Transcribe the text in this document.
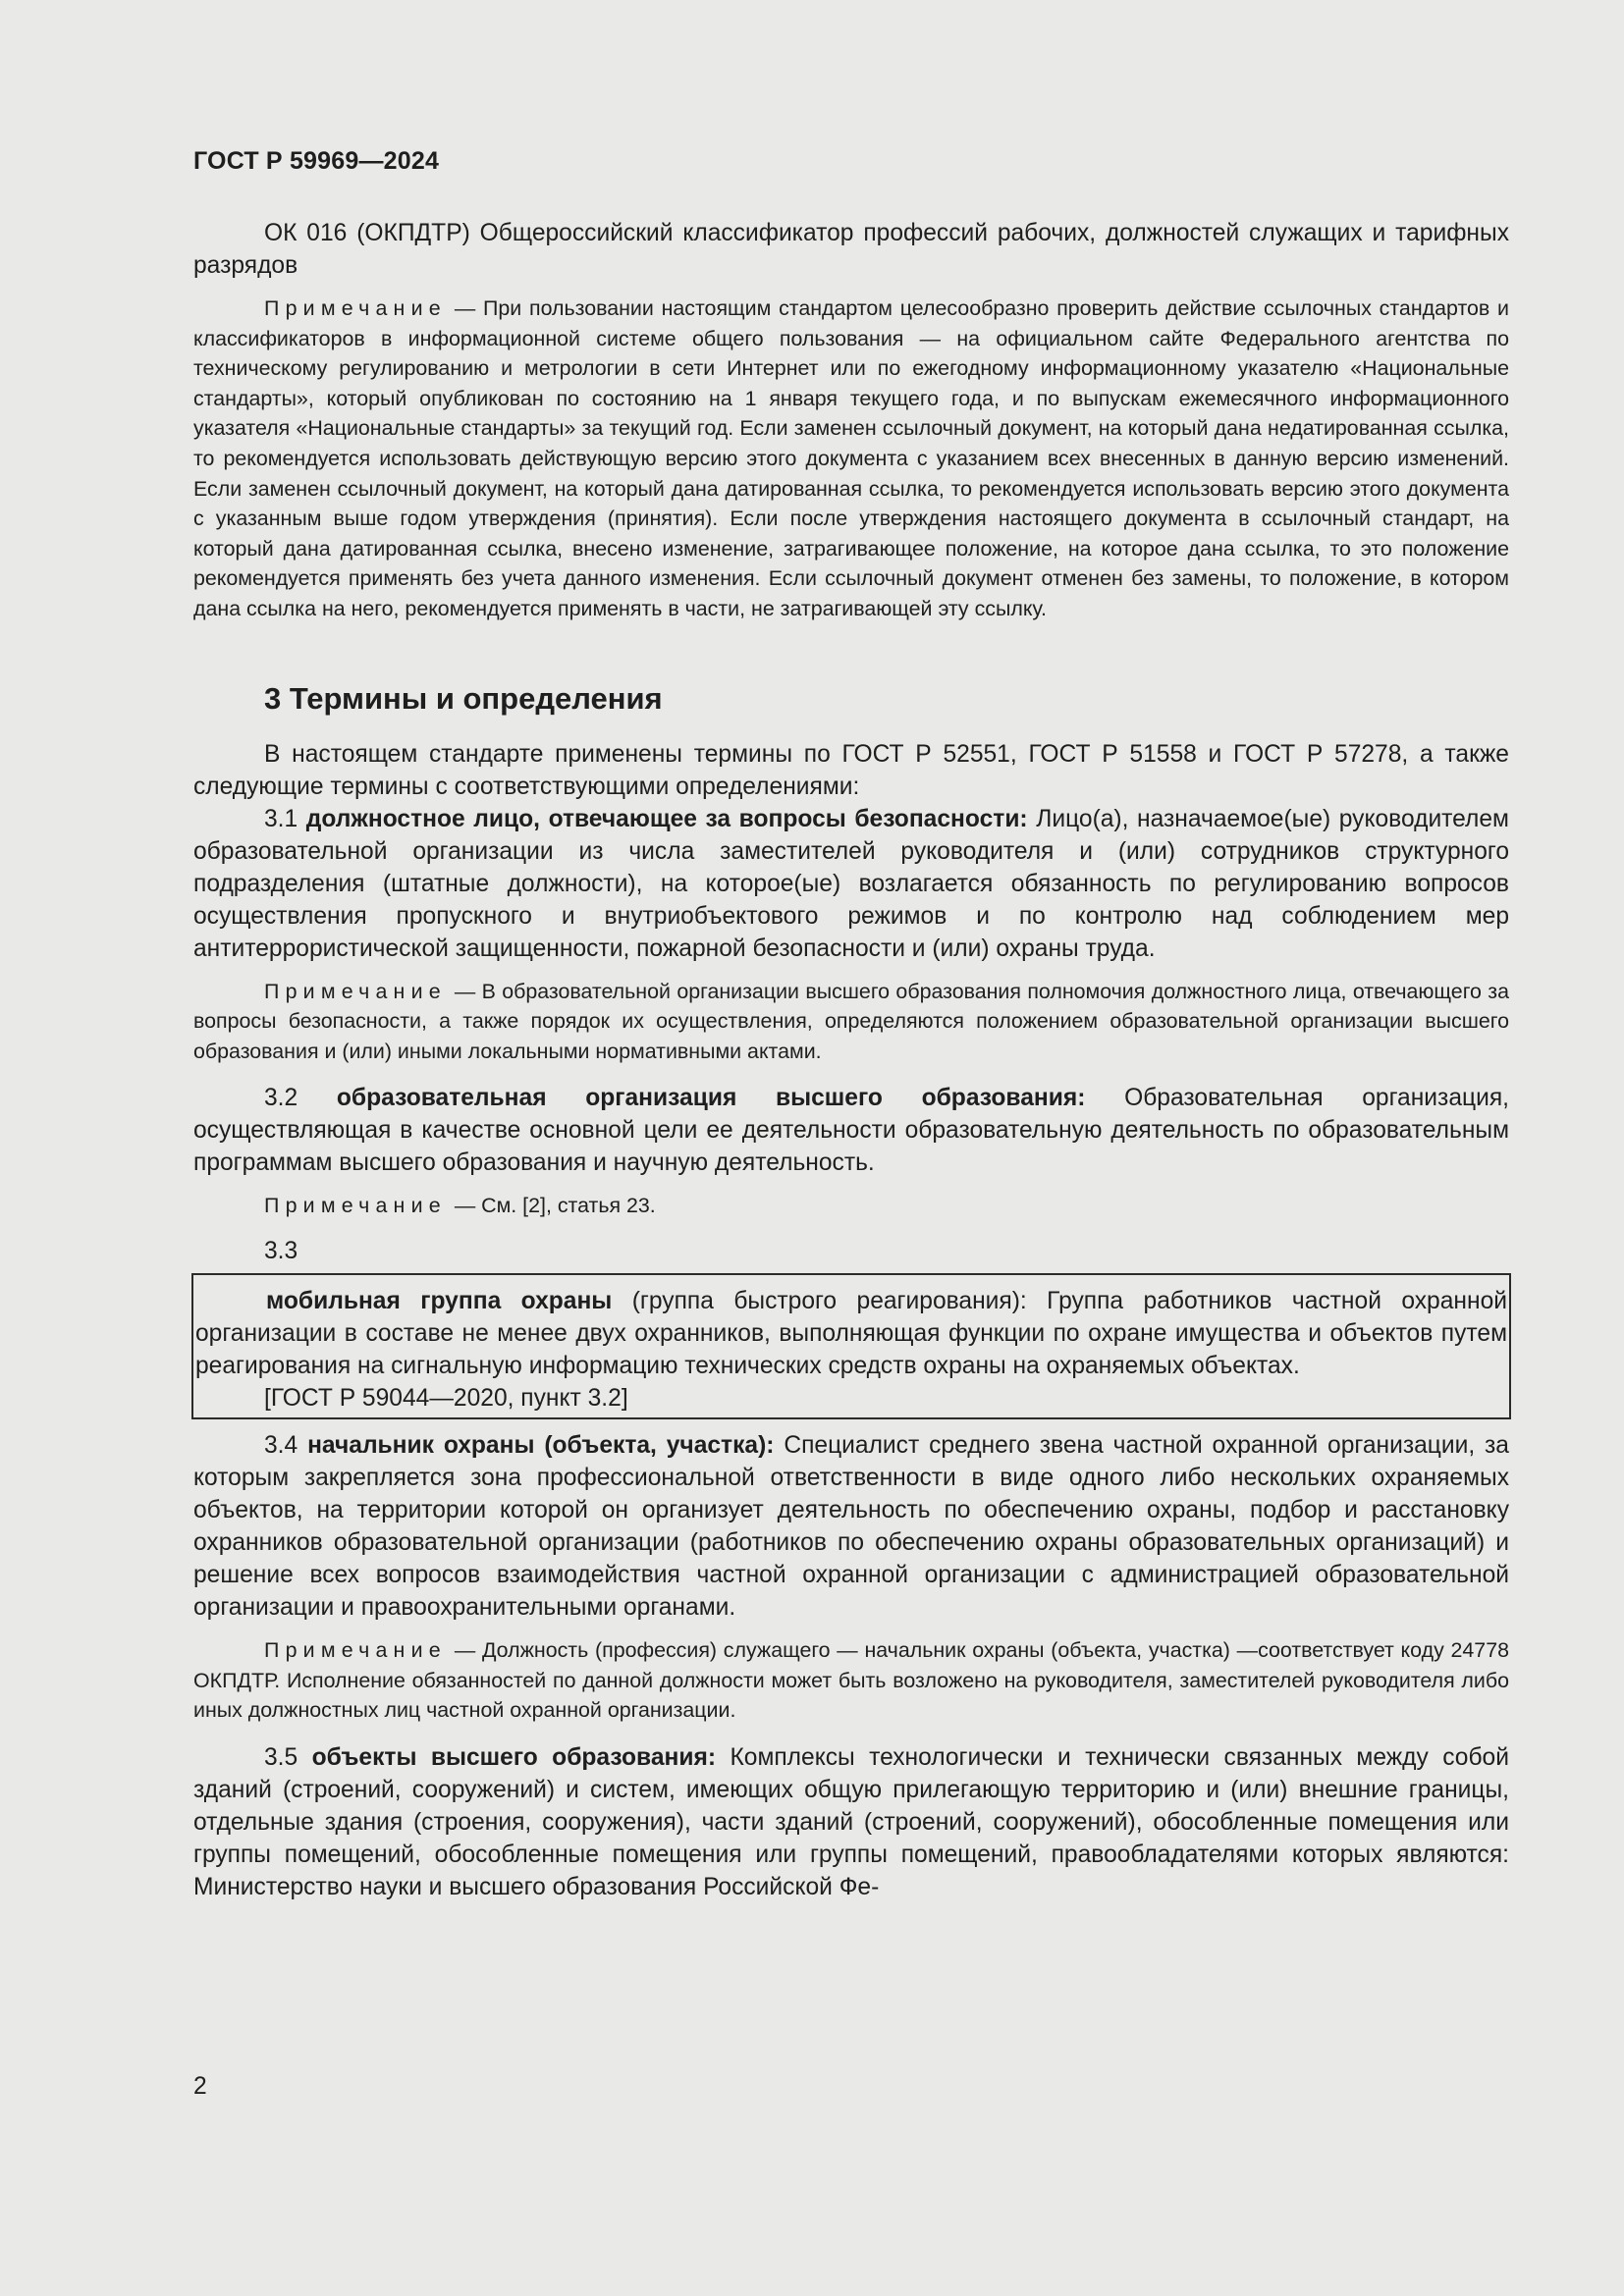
ГОСТ Р 59969—2024

ОК 016 (ОКПДТР) Общероссийский классификатор профессий рабочих, должностей служащих и тарифных разрядов

Примечание — При пользовании настоящим стандартом целесообразно проверить действие ссылочных стандартов и классификаторов в информационной системе общего пользования — на официальном сайте Федерального агентства по техническому регулированию и метрологии в сети Интернет или по ежегодному информационному указателю «Национальные стандарты», который опубликован по состоянию на 1 января текущего года, и по выпускам ежемесячного информационного указателя «Национальные стандарты» за текущий год. Если заменен ссылочный документ, на который дана недатированная ссылка, то рекомендуется использовать действующую версию этого документа с указанием всех внесенных в данную версию изменений. Если заменен ссылочный документ, на который дана датированная ссылка, то рекомендуется использовать версию этого документа с указанным выше годом утверждения (принятия). Если после утверждения настоящего документа в ссылочный стандарт, на который дана датированная ссылка, внесено изменение, затрагивающее положение, на которое дана ссылка, то это положение рекомендуется применять без учета данного изменения. Если ссылочный документ отменен без замены, то положение, в котором дана ссылка на него, рекомендуется применять в части, не затрагивающей эту ссылку.

3 Термины и определения

В настоящем стандарте применены термины по ГОСТ Р 52551, ГОСТ Р 51558 и ГОСТ Р 57278, а также следующие термины с соответствующими определениями:

3.1 должностное лицо, отвечающее за вопросы безопасности: Лицо(а), назначаемое(ые) руководителем образовательной организации из числа заместителей руководителя и (или) сотрудников структурного подразделения (штатные должности), на которое(ые) возлагается обязанность по регулированию вопросов осуществления пропускного и внутриобъектового режимов и по контролю над соблюдением мер антитеррористической защищенности, пожарной безопасности и (или) охраны труда.

Примечание — В образовательной организации высшего образования полномочия должностного лица, отвечающего за вопросы безопасности, а также порядок их осуществления, определяются положением образовательной организации высшего образования и (или) иными локальными нормативными актами.

3.2 образовательная организация высшего образования: Образовательная организация, осуществляющая в качестве основной цели ее деятельности образовательную деятельность по образовательным программам высшего образования и научную деятельность.

Примечание — См. [2], статья 23.

3.3

мобильная группа охраны (группа быстрого реагирования): Группа работников частной охранной организации в составе не менее двух охранников, выполняющая функции по охране имущества и объектов путем реагирования на сигнальную информацию технических средств охраны на охраняемых объектах.

[ГОСТ Р 59044—2020, пункт 3.2]

3.4 начальник охраны (объекта, участка): Специалист среднего звена частной охранной организации, за которым закрепляется зона профессиональной ответственности в виде одного либо нескольких охраняемых объектов, на территории которой он организует деятельность по обеспечению охраны, подбор и расстановку охранников образовательной организации (работников по обеспечению охраны образовательных организаций) и решение всех вопросов взаимодействия частной охранной организации с администрацией образовательной организации и правоохранительными органами.

Примечание — Должность (профессия) служащего — начальник охраны (объекта, участка) —соответствует коду 24778 ОКПДТР. Исполнение обязанностей по данной должности может быть возложено на руководителя, заместителей руководителя либо иных должностных лиц частной охранной организации.

3.5 объекты высшего образования: Комплексы технологически и технически связанных между собой зданий (строений, сооружений) и систем, имеющих общую прилегающую территорию и (или) внешние границы, отдельные здания (строения, сооружения), части зданий (строений, сооружений), обособленные помещения или группы помещений, обособленные помещения или группы помещений, правообладателями которых являются: Министерство науки и высшего образования Российской Фе-

2
